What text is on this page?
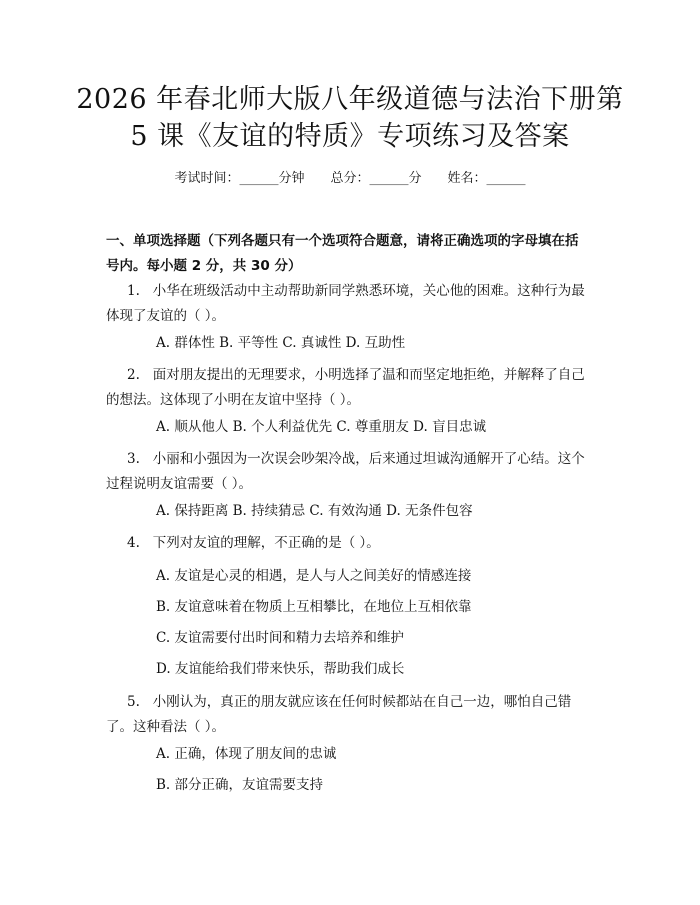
2026 年春北师大版八年级道德与法治下册第
5 课《友谊的特质》专项练习及答案
考试时间：______分钟 总分：______分 姓名：______
一、单项选择题（下列各题只有一个选项符合题意，请将正确选项的字母填在括
号内。每小题 2 分，共 30 分）
1.   小华在班级活动中主动帮助新同学熟悉环境，关心他的困难。这种行为最
体现了友谊的（ ）。
A. 群体性 B. 平等性 C. 真诚性 D. 互助性
2.   面对朋友提出的无理要求，小明选择了温和而坚定地拒绝，并解释了自己
的想法。这体现了小明在友谊中坚持（ ）。
A. 顺从他人 B. 个人利益优先 C. 尊重朋友 D. 盲目忠诚
3.   小丽和小强因为一次误会吵架冷战，后来通过坦诚沟通解开了心结。这个
过程说明友谊需要（ ）。
A. 保持距离 B. 持续猜忌 C. 有效沟通 D. 无条件包容
4.   下列对友谊的理解，不正确的是（ ）。
A. 友谊是心灵的相遇，是人与人之间美好的情感连接
B. 友谊意味着在物质上互相攀比，在地位上互相依靠
C. 友谊需要付出时间和精力去培养和维护
D. 友谊能给我们带来快乐，帮助我们成长
5.   小刚认为，真正的朋友就应该在任何时候都站在自己一边，哪怕自己错
了。这种看法（ ）。
A. 正确，体现了朋友间的忠诚
B. 部分正确，友谊需要支持
